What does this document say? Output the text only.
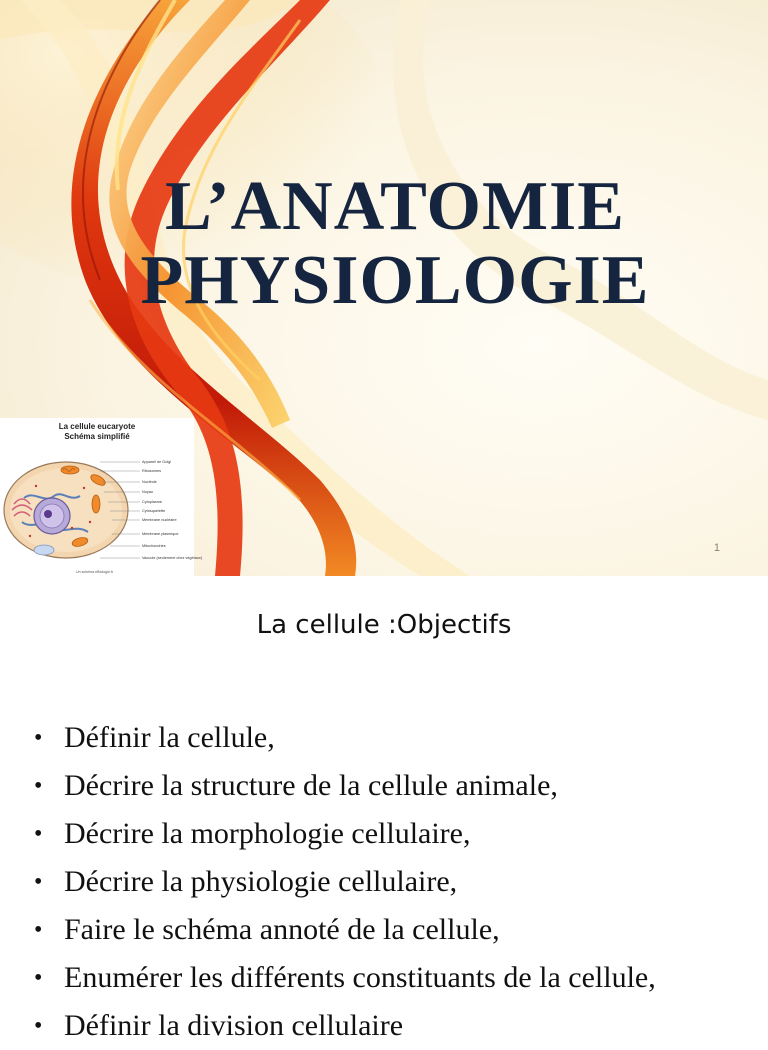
L’ANATOMIE
PHYSIOLOGIE
1
La cellule eucaryote
Schéma simplifié
Appareil de Golgi
Ribosomes
Nucléole
Noyau
Cytoplasme
Cytosquelette
Membrane nucléaire
Membrane plasmique
Mitochondries
Vacuole (seulement chez végétaux)
Un schéma eBiologie.fr
La cellule :Objectifs
• Définir la cellule,
• Décrire la structure de la cellule animale,
• Décrire la morphologie cellulaire,
• Décrire la physiologie cellulaire,
• Faire le schéma annoté de la cellule,
• Enumérer les différents constituants de la cellule,
• Définir la division cellulaire
